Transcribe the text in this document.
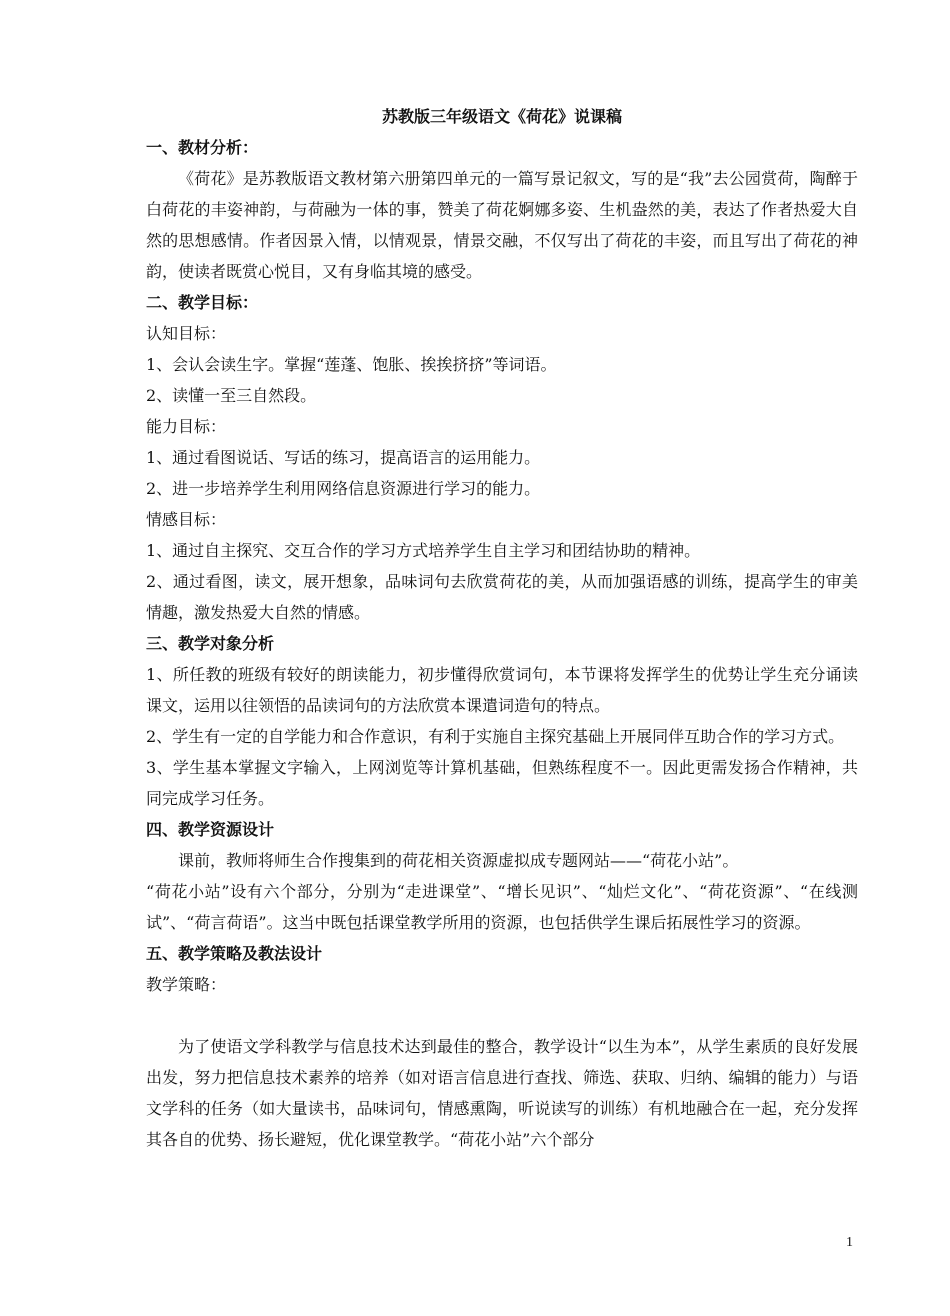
苏教版三年级语文《荷花》说课稿

一、教材分析：

《荷花》是苏教版语文教材第六册第四单元的一篇写景记叙文，写的是“我”去公园赏荷，陶醉于白荷花的丰姿神韵，与荷融为一体的事，赞美了荷花婀娜多姿、生机盎然的美，表达了作者热爱大自然的思想感情。作者因景入情，以情观景，情景交融，不仅写出了荷花的丰姿，而且写出了荷花的神韵，使读者既赏心悦目，又有身临其境的感受。

二、教学目标：

认知目标：

1、会认会读生字。掌握“莲蓬、饱胀、挨挨挤挤”等词语。

2、读懂一至三自然段。

能力目标：

1、通过看图说话、写话的练习，提高语言的运用能力。

2、进一步培养学生利用网络信息资源进行学习的能力。

情感目标：

1、通过自主探究、交互合作的学习方式培养学生自主学习和团结协助的精神。

2、通过看图，读文，展开想象，品味词句去欣赏荷花的美，从而加强语感的训练，提高学生的审美情趣，激发热爱大自然的情感。

三、教学对象分析

1、所任教的班级有较好的朗读能力，初步懂得欣赏词句，本节课将发挥学生的优势让学生充分诵读课文，运用以往领悟的品读词句的方法欣赏本课遣词造句的特点。

2、学生有一定的自学能力和合作意识，有利于实施自主探究基础上开展同伴互助合作的学习方式。

3、学生基本掌握文字输入，上网浏览等计算机基础，但熟练程度不一。因此更需发扬合作精神，共同完成学习任务。

四、教学资源设计

课前，教师将师生合作搜集到的荷花相关资源虚拟成专题网站——“荷花小站”。

“荷花小站”设有六个部分，分别为“走进课堂”、“增长见识”、“灿烂文化”、“荷花资源”、“在线测试”、“荷言荷语”。这当中既包括课堂教学所用的资源，也包括供学生课后拓展性学习的资源。

五、教学策略及教法设计

教学策略：

为了使语文学科教学与信息技术达到最佳的整合，教学设计“以生为本”，从学生素质的良好发展出发，努力把信息技术素养的培养（如对语言信息进行查找、筛选、获取、归纳、编辑的能力）与语文学科的任务（如大量读书，品味词句，情感熏陶，听说读写的训练）有机地融合在一起，充分发挥其各自的优势、扬长避短，优化课堂教学。“荷花小站”六个部分

1
